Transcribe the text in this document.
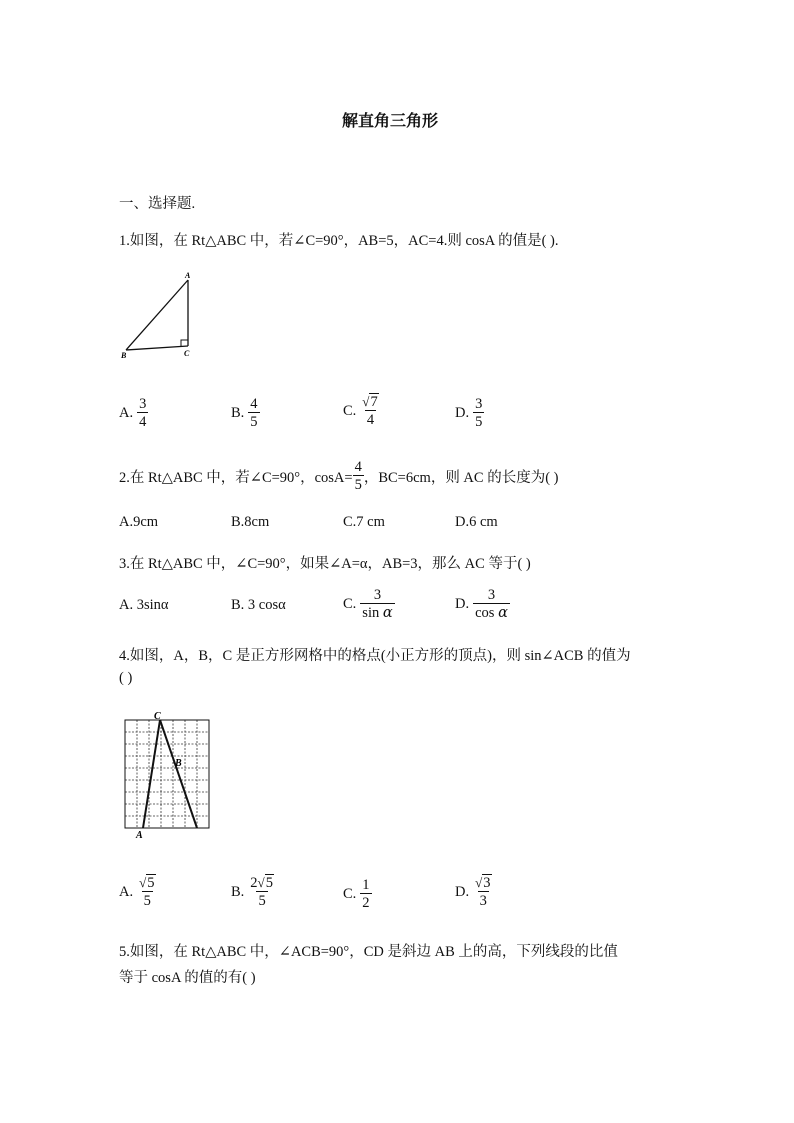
解直角三角形
一、选择题.
1.如图，在 Rt△ABC 中，若∠C=90°，AB=5，AC=4.则 cosA 的值是( ).
A
B	C
A. $\frac{3}{4}$	B. $\frac{4}{5}$	C. $\frac{√7}{4}$	D. $\frac{3}{5}$
2.在 Rt△ABC 中，若∠C=90°，$\cos A= \frac{4}{5}$ ，BC=6cm，则 AC 的长度为( )
A.9cm	B.8cm	C.7 cm	D.6 cm
3.在 Rt△ABC 中，∠C=90°，如果∠A=α，AB=3，那么 AC 等于( )
A. 3sinα	B. 3 cosα	C. $\frac{3}{\text{sin α}}$	D. $\frac{3}{\text{cos α}}$
4.如图，A，B，C 是正方形网格中的格点(小正方形的顶点)，则 sin∠ACB 的值为
( )
C
B
A
A. $\frac{√5}{5}$	B. $\frac{2√5}{5}$	C. $\frac{1}{2}$	D. $\frac{√3}{3}$
5.如图，在 Rt△ABC 中，∠ACB=90°，CD 是斜边 AB 上的高，下列线段的比值
等于 cosA 的值的有( )
